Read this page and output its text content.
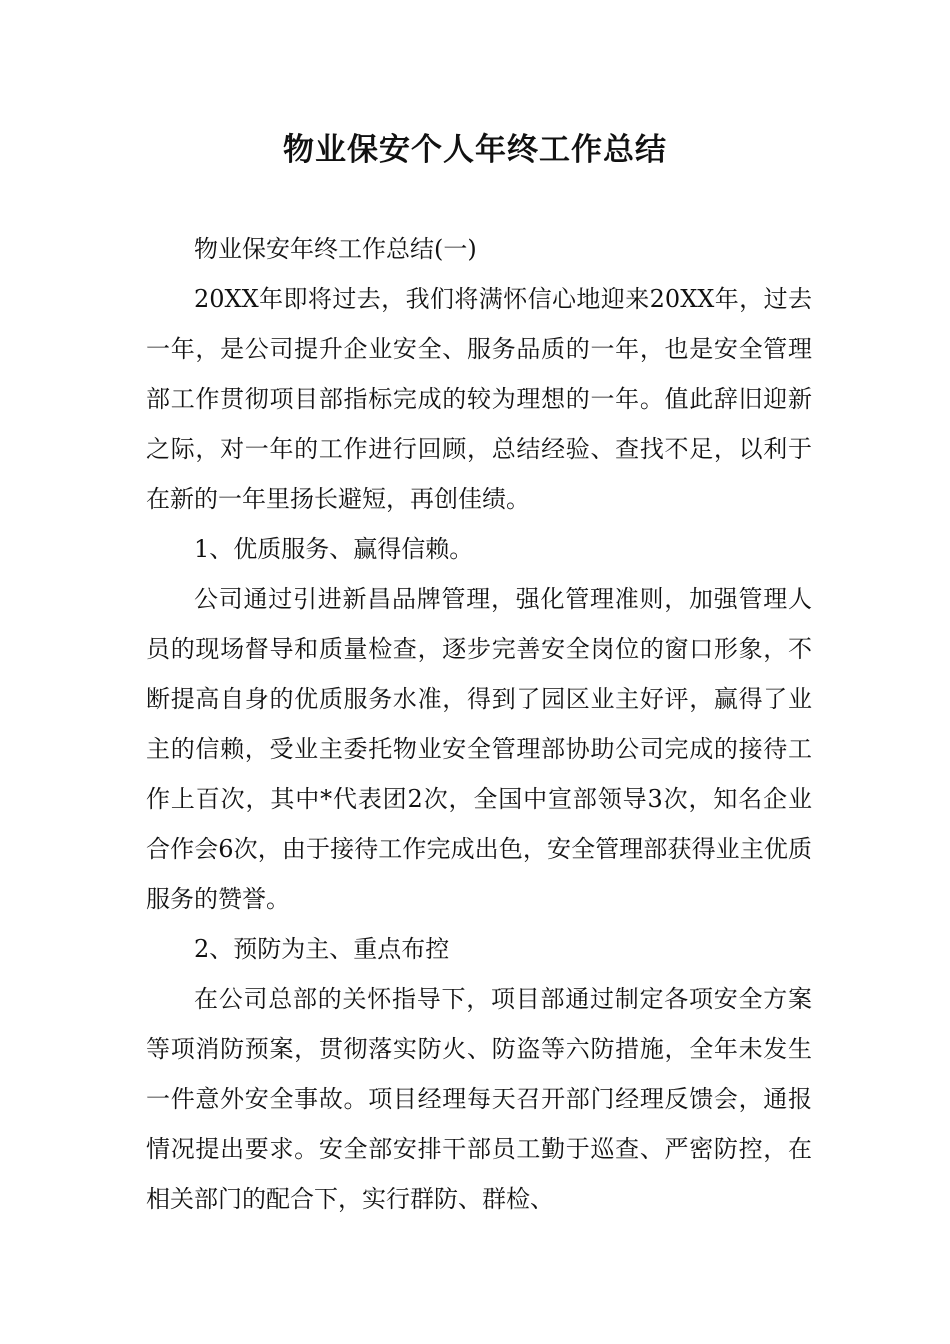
物业保安个人年终工作总结

物业保安年终工作总结(一)

20XX年即将过去，我们将满怀信心地迎来20XX年，过去一年，是公司提升企业安全、服务品质的一年，也是安全管理部工作贯彻项目部指标完成的较为理想的一年。值此辞旧迎新之际，对一年的工作进行回顾，总结经验、查找不足，以利于在新的一年里扬长避短，再创佳绩。

1、优质服务、赢得信赖。

公司通过引进新昌品牌管理，强化管理准则，加强管理人员的现场督导和质量检查，逐步完善安全岗位的窗口形象，不断提高自身的优质服务水准，得到了园区业主好评，赢得了业主的信赖，受业主委托物业安全管理部协助公司完成的接待工作上百次，其中*代表团2次，全国中宣部领导3次，知名企业合作会6次，由于接待工作完成出色，安全管理部获得业主优质服务的赞誉。

2、预防为主、重点布控

在公司总部的关怀指导下，项目部通过制定各项安全方案等项消防预案，贯彻落实防火、防盗等六防措施，全年未发生一件意外安全事故。项目经理每天召开部门经理反馈会，通报情况提出要求。安全部安排干部员工勤于巡查、严密防控，在相关部门的配合下，实行群防、群检、
